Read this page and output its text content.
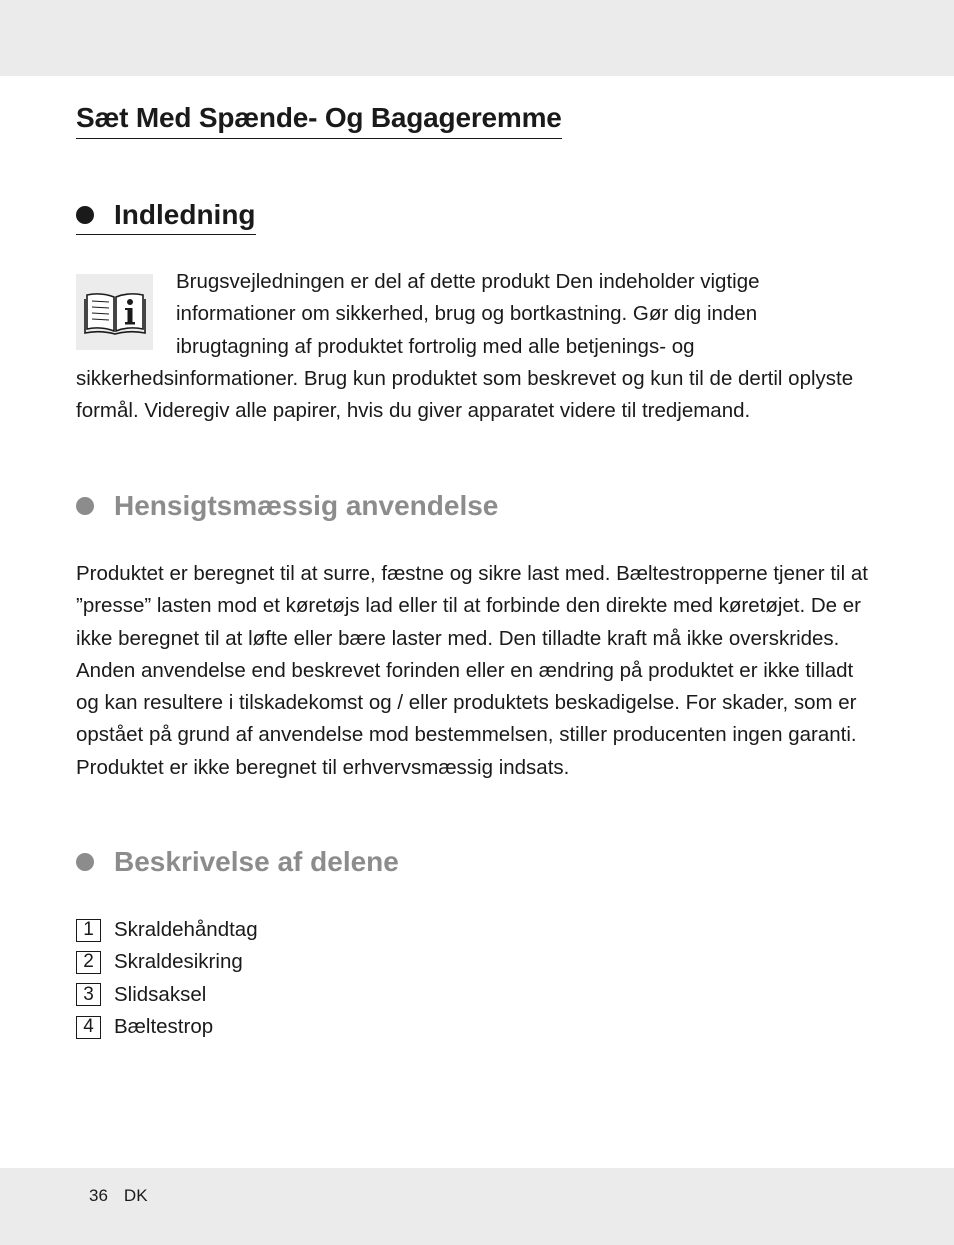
Sæt Med Spænde- Og Bagageremme
Indledning
Brugsvejledningen er del af dette produkt Den indeholder vigtige
informationer om sikkerhed, brug og bortkastning. Gør dig inden
ibrugtagning af produktet fortrolig med alle betjenings- og
sikkerhedsinformationer. Brug kun produktet som beskrevet og kun til de dertil oplyste
formål. Videregiv alle papirer, hvis du giver apparatet videre til tredjemand.
Hensigtsmæssig anvendelse
Produktet er beregnet til at surre, fæstne og sikre last med. Bæltestropperne tjener til at
”presse” lasten mod et køretøjs lad eller til at forbinde den direkte med køretøjet. De er
ikke beregnet til at løfte eller bære laster med. Den tilladte kraft må ikke overskrides.
Anden anvendelse end beskrevet forinden eller en ændring på produktet er ikke tilladt
og kan resultere i tilskadekomst og / eller produktets beskadigelse. For skader, som er
opstået på grund af anvendelse mod bestemmelsen, stiller producenten ingen garanti.
Produktet er ikke beregnet til erhvervsmæssig indsats.
Beskrivelse af delene
1 Skraldehåndtag
2 Skraldesikring
3 Slidsaksel
4 Bæltestrop
36 DK
